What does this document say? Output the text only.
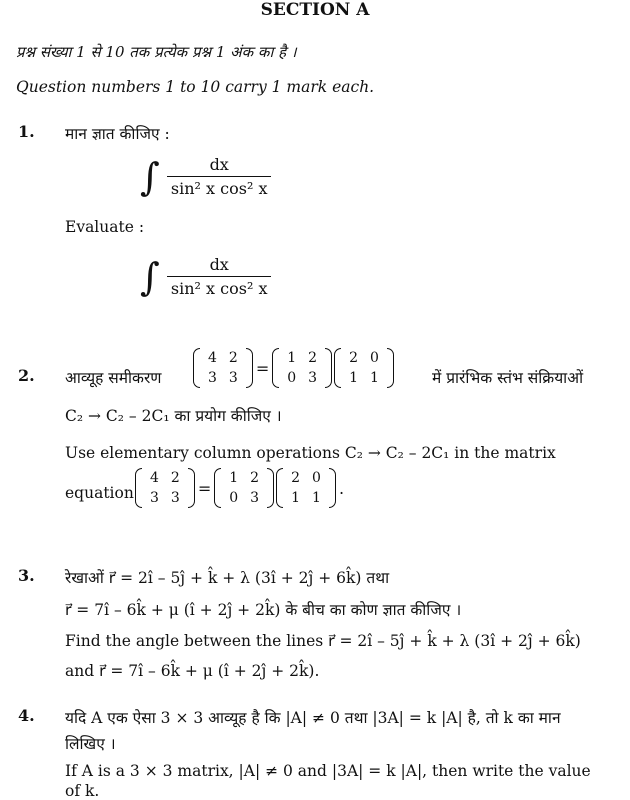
SECTION A
प्रश्न संख्या 1 से 10 तक प्रत्येक प्रश्न 1 अंक का है ।
Question numbers 1 to 10 carry 1 mark each.
1. मान ज्ञात कीजिए :
∫ $\frac{dx}{\text{sin² x cos² x}}$
Evaluate :
∫ $\frac{dx}{\text{sin² x cos² x}}$
2. आव्यूह समीकरण
4	2
3	3
=
1	2
0	3
2	0
1	1	में प्रारंभिक स्तंभ संक्रियाओं
C₂ → C₂ – 2C₁ का प्रयोग कीजिए ।
Use elementary column operations C₂ → C₂ – 2C₁ in the matrix
equation
4	2
3	3
=
1	2
0	3
2	0
1	1
.
3. रेखाओं r⃗ = 2î – 5ĵ + k̂ + λ (3î + 2ĵ + 6k̂) तथा
r⃗ = 7î – 6k̂ + μ (î + 2ĵ + 2k̂) के बीच का कोण ज्ञात कीजिए ।
Find the angle between the lines r⃗ = 2î – 5ĵ + k̂ + λ (3î + 2ĵ + 6k̂)
and r⃗ = 7î – 6k̂ + μ (î + 2ĵ + 2k̂).
4. यदि A एक ऐसा 3 × 3 आव्यूह है कि |A| ≠ 0 तथा |3A| = k |A| है, तो k का मान
लिखिए ।
If A is a 3 × 3 matrix, |A| ≠ 0 and |3A| = k |A|, then write the value
of k.
